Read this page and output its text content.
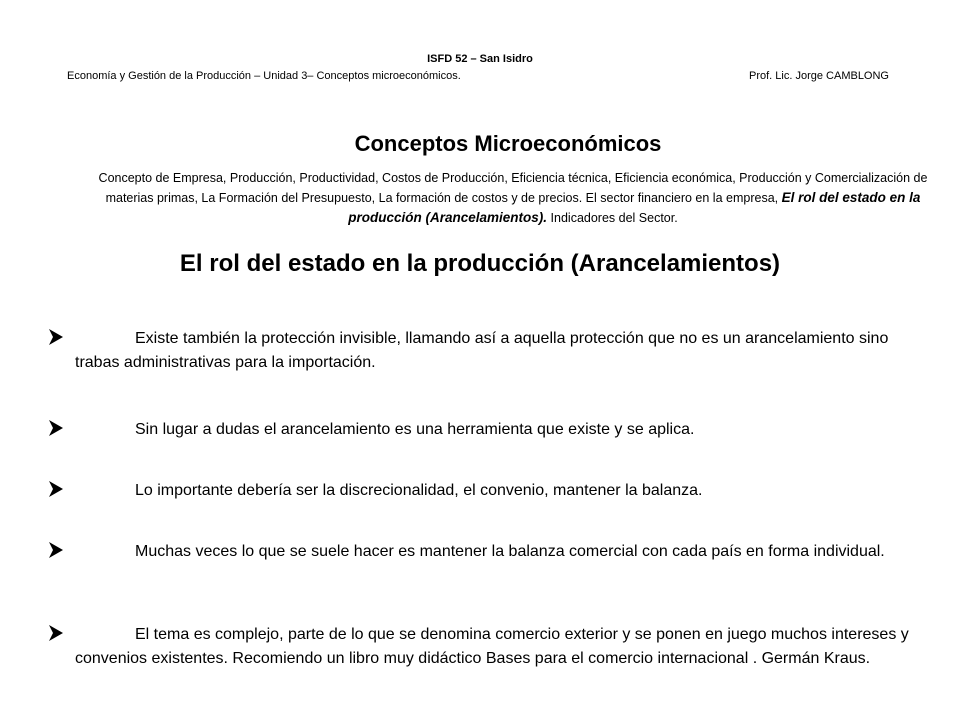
ISFD 52 – San Isidro
Economía y Gestión de la Producción – Unidad 3– Conceptos microeconómicos.	Prof. Lic. Jorge CAMBLONG
Conceptos Microeconómicos
Concepto de Empresa, Producción, Productividad, Costos de Producción, Eficiencia técnica, Eficiencia económica, Producción y Comercialización de materias primas, La Formación del Presupuesto, La formación de costos y de precios. El sector financiero en la empresa, El rol del estado en la producción (Arancelamientos). Indicadores del Sector.
El rol del estado en la producción (Arancelamientos)
Existe también la protección invisible, llamando así a aquella protección que no es un arancelamiento sino trabas administrativas para la importación.
Sin lugar a dudas el arancelamiento es una herramienta que existe y se aplica.
Lo importante debería ser la discrecionalidad, el convenio, mantener la balanza.
Muchas veces lo que se suele hacer es mantener la balanza comercial con cada país en forma individual.
El tema es complejo, parte de lo que se denomina comercio exterior y se ponen en juego muchos intereses y convenios existentes. Recomiendo un libro muy didáctico Bases para el comercio internacional . Germán Kraus.
